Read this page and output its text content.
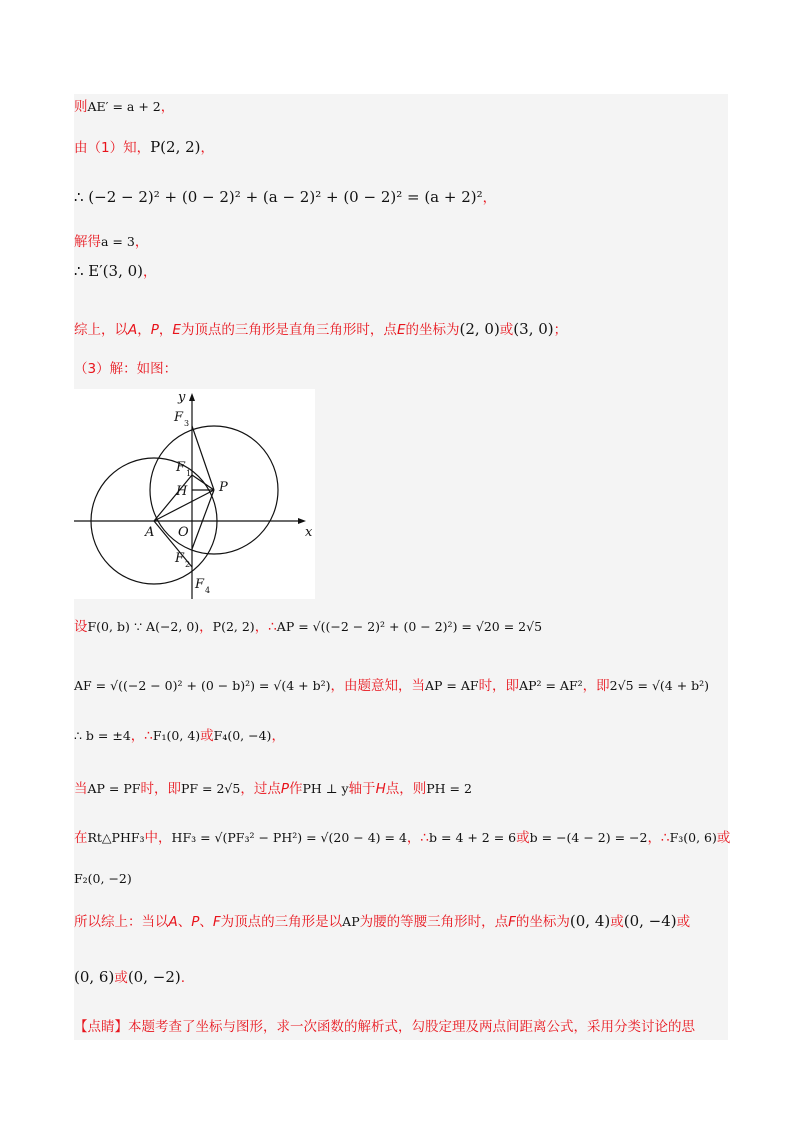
则AE′ = a + 2，
由（1）知，P(2, 2)，
∴ (−2 − 2)² + (0 − 2)² + (a − 2)² + (0 − 2)² = (a + 2)²，
解得a = 3，
∴ E′(3, 0)，
综上，以A，P，E为顶点的三角形是直角三角形时，点E的坐标为(2, 0)或(3, 0)；
（3）解：如图：
y
x
F 3
F 1
H P
A O
F 2
F 4
设F(0, b) ∵ A(−2, 0)，P(2, 2)，∴AP = √((−2 − 2)² + (0 − 2)²) = √20 = 2√5
AF = √((−2 − 0)² + (0 − b)²) = √(4 + b²)，由题意知，当AP = AF时，即AP² = AF²，即2√5 = √(4 + b²)
∴ b = ±4，∴F₁(0, 4)或F₄(0, −4)，
当AP = PF时，即PF = 2√5，过点P作PH ⊥ y轴于H点，则PH = 2
在Rt△PHF₃中，HF₃ = √(PF₃² − PH²) = √(20 − 4) = 4，∴b = 4 + 2 = 6或b = −(4 − 2) = −2，∴F₃(0, 6)或
F₂(0, −2)
所以综上：当以A、P、F为顶点的三角形是以AP为腰的等腰三角形时，点F的坐标为(0, 4)或(0, −4)或
(0, 6)或(0, −2).
【点睛】本题考查了坐标与图形，求一次函数的解析式，勾股定理及两点间距离公式，采用分类讨论的思
